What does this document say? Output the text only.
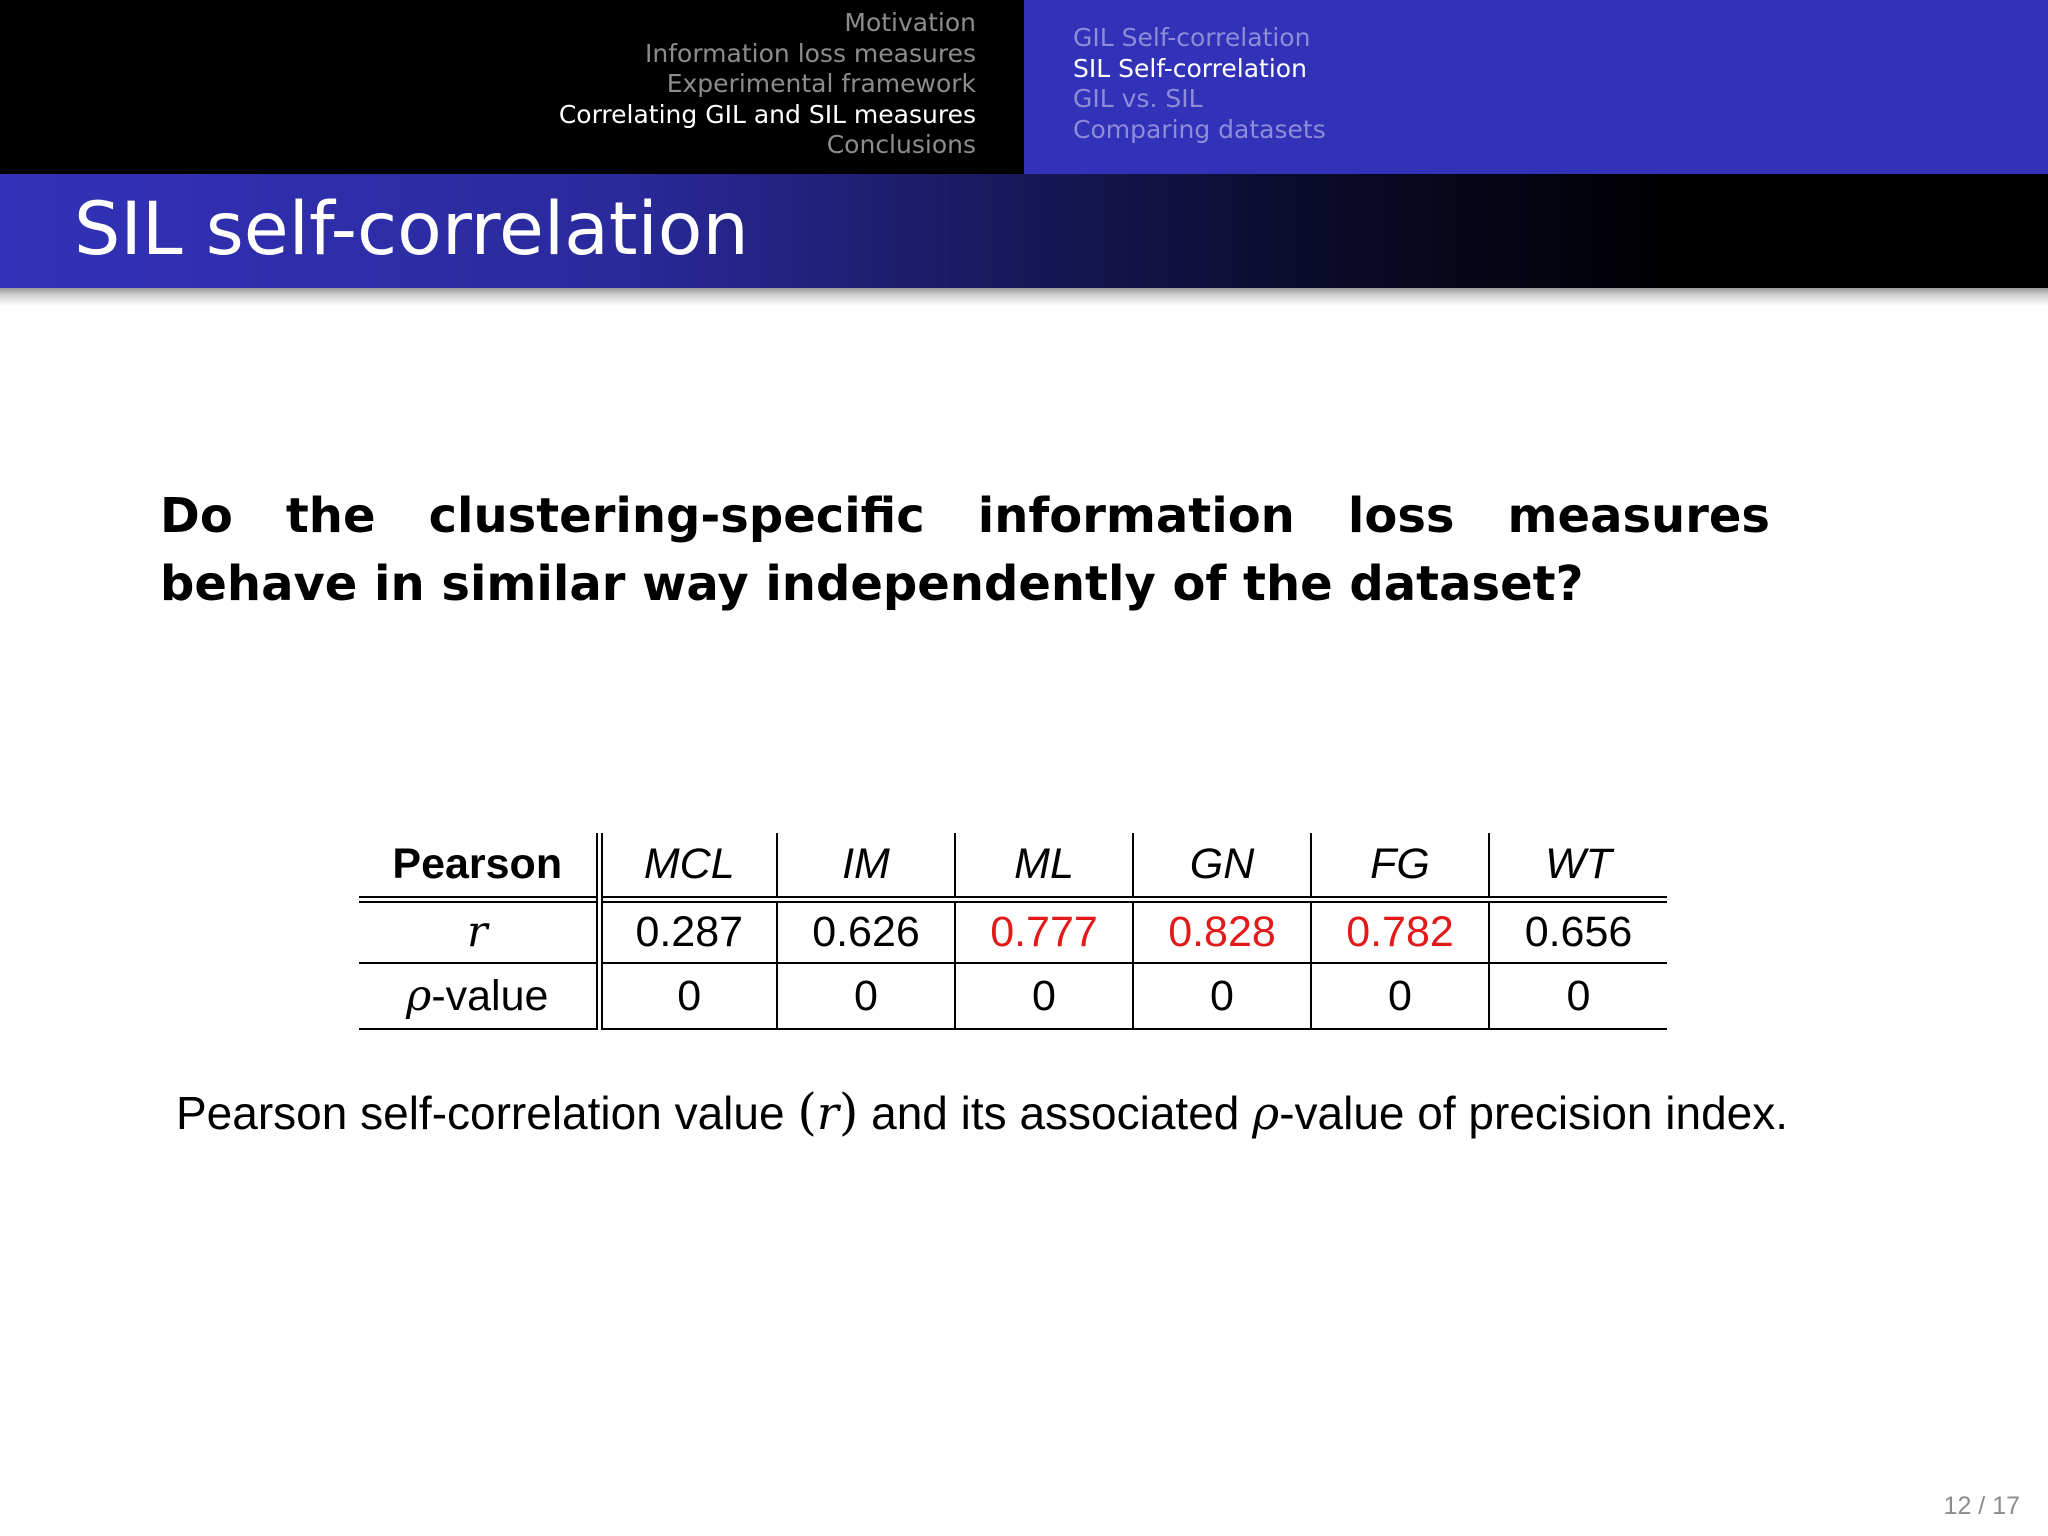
Motivation
Information loss measures
Experimental framework
Correlating GIL and SIL measures
Conclusions
GIL Self-correlation
SIL Self-correlation
GIL vs. SIL
Comparing datasets
SIL self-correlation
Do the clustering-specific information loss measures behave in similar way independently of the dataset?
Pearson	MCL	IM	ML	GN	FG	WT
r	0.287	0.626	0.777	0.828	0.782	0.656
ρ-value	0	0	0	0	0	0
Pearson self-correlation value (r) and its associated ρ-value of precision index.
12 / 17
